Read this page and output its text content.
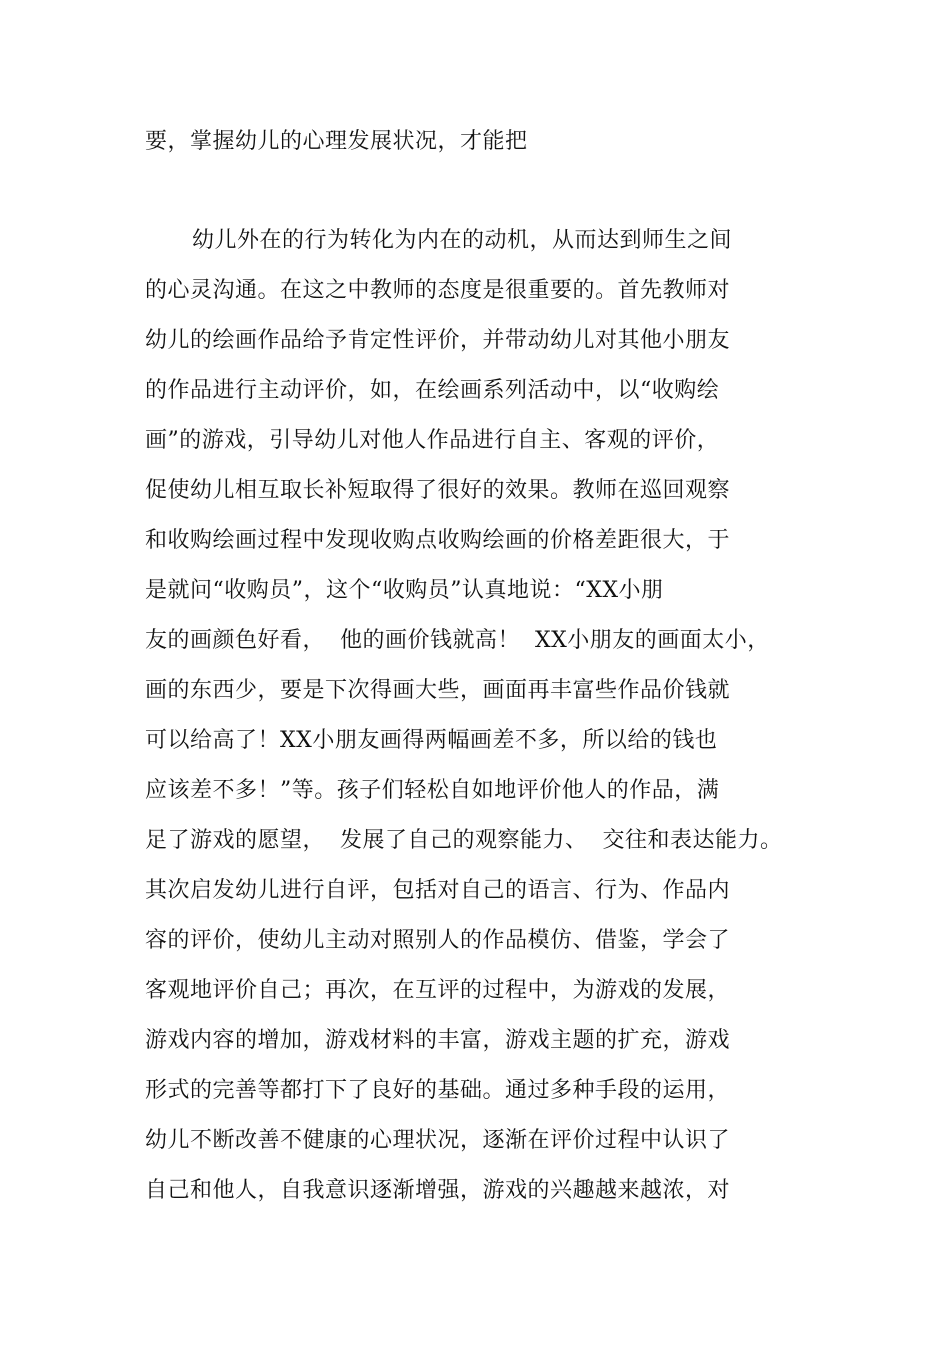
要，掌握幼儿的心理发展状况，才能把
幼儿外在的行为转化为内在的动机，从而达到师生之间
的心灵沟通。在这之中教师的态度是很重要的。首先教师对
幼儿的绘画作品给予肯定性评价，并带动幼儿对其他小朋友
的作品进行主动评价，如，在绘画系列活动中，以“收购绘
画”的游戏，引导幼儿对他人作品进行自主、客观的评价，
促使幼儿相互取长补短取得了很好的效果。教师在巡回观察
和收购绘画过程中发现收购点收购绘画的价格差距很大，于
是就问“收购员”，这个“收购员”认真地说：“XX小朋
友的画颜色好看，  他的画价钱就高！  XX小朋友的画面太小，
画的东西少，要是下次得画大些，画面再丰富些作品价钱就
可以给高了！XX小朋友画得两幅画差不多，所以给的钱也
应该差不多！”等。孩子们轻松自如地评价他人的作品，满
足了游戏的愿望，  发展了自己的观察能力、  交往和表达能力。
其次启发幼儿进行自评，包括对自己的语言、行为、作品内
容的评价，使幼儿主动对照别人的作品模仿、借鉴，学会了
客观地评价自己；再次，在互评的过程中，为游戏的发展，
游戏内容的增加，游戏材料的丰富，游戏主题的扩充，游戏
形式的完善等都打下了良好的基础。通过多种手段的运用，
幼儿不断改善不健康的心理状况，逐渐在评价过程中认识了
自己和他人，自我意识逐渐增强，游戏的兴趣越来越浓，对
